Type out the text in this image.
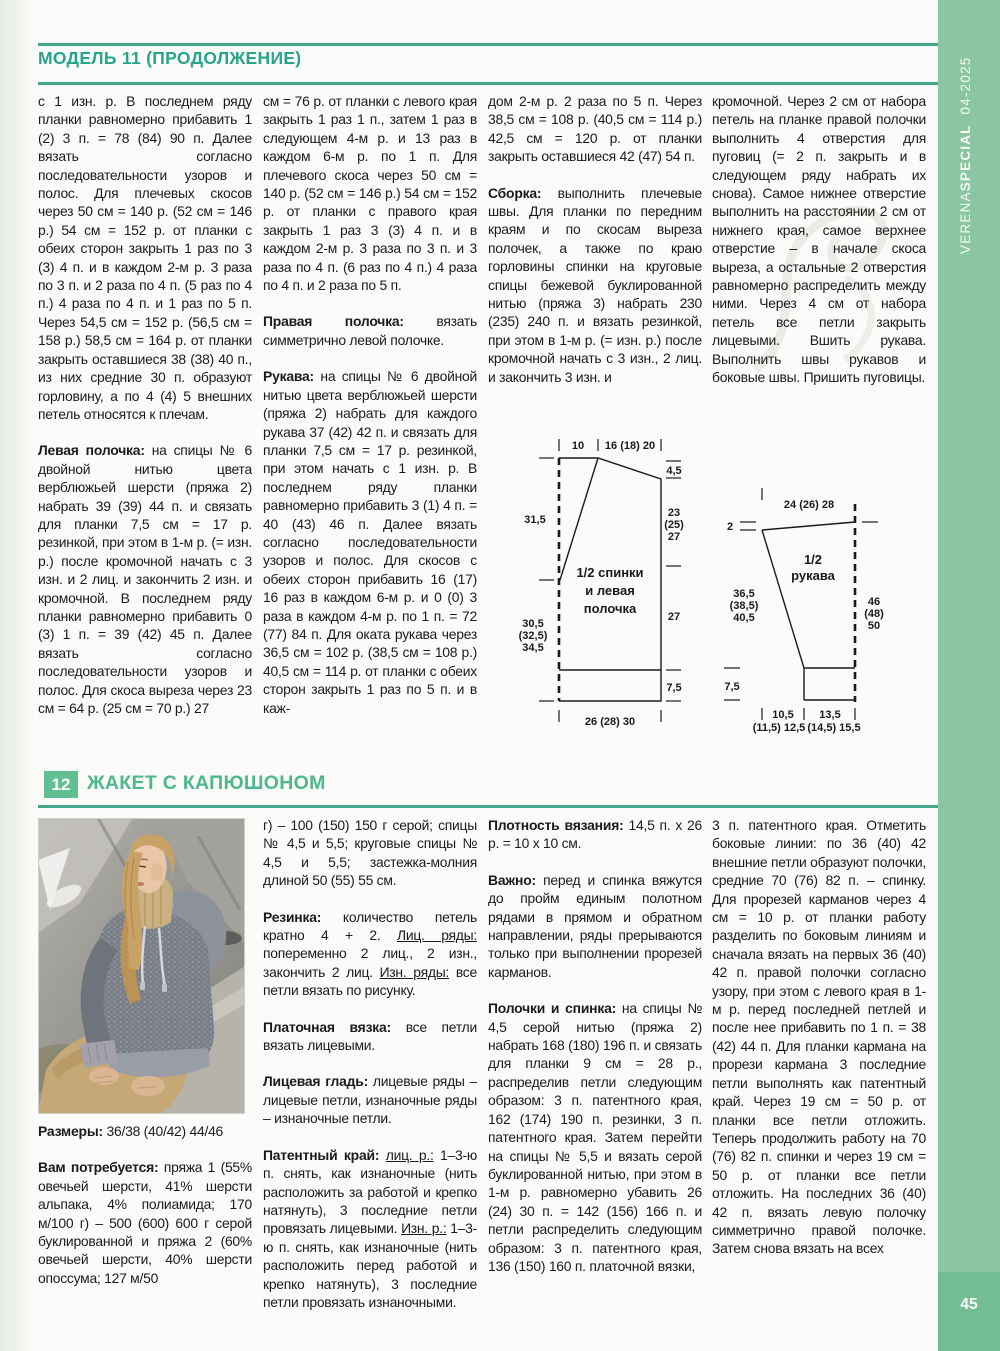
МОДЕЛЬ 11 (ПРОДОЛЖЕНИЕ)

с 1 изн. р. В последнем ряду планки равномерно прибавить 1 (2) 3 п. = 78 (84) 90 п. Далее вязать согласно последовательности узоров и полос. Для плечевых скосов через 50 см = 140 р. (52 см = 146 р.) 54 см = 152 р. от планки с обеих сторон закрыть 1 раз по 3 (3) 4 п. и в каждом 2-м р. 3 раза по 3 п. и 2 раза по 4 п. (5 раз по 4 п.) 4 раза по 4 п. и 1 раз по 5 п. Через 54,5 см = 152 р. (56,5 см = 158 р.) 58,5 см = 164 р. от планки закрыть оставшиеся 38 (38) 40 п., из них средние 30 п. образуют горловину, а по 4 (4) 5 внешних петель относятся к плечам.

Левая полочка: на спицы № 6 двойной нитью цвета верблюжьей шерсти (пряжа 2) набрать 39 (39) 44 п. и связать для планки 7,5 см = 17 р. резинкой, при этом в 1-м р. (= изн. р.) после кромочной начать с 3 изн. и 2 лиц. и закончить 2 изн. и кромочной. В последнем ряду планки равномерно прибавить 0 (3) 1 п. = 39 (42) 45 п. Далее вязать согласно последовательности узоров и полос. Для скоса выреза через 23 см = 64 р. (25 см = 70 р.) 27

см = 76 р. от планки с левого края закрыть 1 раз 1 п., затем 1 раз в следующем 4-м р. и 13 раз в каждом 6-м р. по 1 п. Для плечевого скоса через 50 см = 140 р. (52 см = 146 р.) 54 см = 152 р. от планки с правого края закрыть 1 раз 3 (3) 4 п. и в каждом 2-м р. 3 раза по 3 п. и 3 раза по 4 п. (6 раз по 4 п.) 4 раза по 4 п. и 2 раза по 5 п.

Правая полочка: вязать симметрично левой полочке.

Рукава: на спицы № 6 двойной нитью цвета верблюжьей шерсти (пряжа 2) набрать для каждого рукава 37 (42) 42 п. и связать для планки 7,5 см = 17 р. резинкой, при этом начать с 1 изн. р. В последнем ряду планки равномерно прибавить 3 (1) 4 п. = 40 (43) 46 п. Далее вязать согласно последовательности узоров и полос. Для скосов с обеих сторон прибавить 16 (17) 16 раз в каждом 6-м р. и 0 (0) 3 раза в каждом 4-м р. по 1 п. = 72 (77) 84 п. Для оката рукава через 36,5 см = 102 р. (38,5 см = 108 р.) 40,5 см = 114 р. от планки с обеих сторон закрыть 1 раз по 5 п. и в каж-

дом 2-м р. 2 раза по 5 п. Через 38,5 см = 108 р. (40,5 см = 114 р.) 42,5 см = 120 р. от планки закрыть оставшиеся 42 (47) 54 п.

Сборка: выполнить плечевые швы. Для планки по передним краям и по скосам выреза полочек, а также по краю горловины спинки на круговые спицы бежевой буклированной нитью (пряжа 3) набрать 230 (235) 240 п. и вязать резинкой, при этом в 1-м р. (= изн. р.) после кромочной начать с 3 изн., 2 лиц. и закончить 3 изн. и

кромочной. Через 2 см от набора петель на планке правой полочки выполнить 4 отверстия для пуговиц (= 2 п. закрыть и в следующем ряду набрать их снова). Самое нижнее отверстие выполнить на расстоянии 2 см от нижнего края, самое верхнее отверстие – в начале скоса выреза, а остальные 2 отверстия равномерно распределить между ними. Через 4 см от набора петель все петли закрыть лицевыми. Вшить рукава. Выполнить швы рукавов и боковые швы. Пришить пуговицы.

10 16 (18) 20
4,5
23
(25)
27
27
7,5
31,5
30,5
(32,5)
34,5
26 (28) 30
1/2 спинки
и левая
полочка
24 (26) 28
2
36,5
(38,5)
40,5
7,5
46
(48)
50
10,5
(11,5) 12,5
13,5
(14,5) 15,5
1/2
рукава
12 ЖАКЕТ С КАПЮШОНОМ

Размеры: 36/38 (40/42) 44/46

Вам потребуется: пряжа 1 (55% овечьей шерсти, 41% шерсти альпака, 4% полиамида; 170 м/100 г) – 500 (600) 600 г серой буклированной и пряжа 2 (60% овечьей шерсти, 40% шерсти опоссума; 127 м/50

г) – 100 (150) 150 г серой; спицы № 4,5 и 5,5; круговые спицы № 4,5 и 5,5; застежка-молния длиной 50 (55) 55 см.

Резинка: количество петель кратно 4 + 2. Лиц. ряды: попеременно 2 лиц., 2 изн., закончить 2 лиц. Изн. ряды: все петли вязать по рисунку.

Платочная вязка: все петли вязать лицевыми.

Лицевая гладь: лицевые ряды – лицевые петли, изнаночные ряды – изнаночные петли.

Патентный край: лиц. р.: 1–3-ю п. снять, как изнаночные (нить расположить за работой и крепко натянуть), 3 последние петли провязать лицевыми. Изн. р.: 1–3-ю п. снять, как изнаночные (нить расположить перед работой и крепко натянуть), 3 последние петли провязать изнаночными.

Плотность вязания: 14,5 п. х 26 р. = 10 х 10 см.

Важно: перед и спинка вяжутся до пройм единым полотном рядами в прямом и обратном направлении, ряды прерываются только при выполнении прорезей карманов.

Полочки и спинка: на спицы № 4,5 серой нитью (пряжа 2) набрать 168 (180) 196 п. и связать для планки 9 см = 28 р., распределив петли следующим образом: 3 п. патентного края, 162 (174) 190 п. резинки, 3 п. патентного края. Затем перейти на спицы № 5,5 и вязать серой буклированной нитью, при этом в 1-м р. равномерно убавить 26 (24) 30 п. = 142 (156) 166 п. и петли распределить следующим образом: 3 п. патентного края, 136 (150) 160 п. платочной вязки,

3 п. патентного края. Отметить боковые линии: по 36 (40) 42 внешние петли образуют полочки, средние 70 (76) 82 п. – спинку. Для прорезей карманов через 4 см = 10 р. от планки работу разделить по боковым линиям и сначала вязать на первых 36 (40) 42 п. правой полочки согласно узору, при этом с левого края в 1-м р. перед последней петлей и после нее прибавить по 1 п. = 38 (42) 44 п. Для планки кармана на прорези кармана 3 последние петли выполнять как патентный край. Через 19 см = 50 р. от планки все петли отложить. Теперь продолжить работу на 70 (76) 82 п. спинки и через 19 см = 50 р. от планки все петли отложить. На последних 36 (40) 42 п. вязать левую полочку симметрично правой полочке. Затем снова вязать на всех

VERENASPECIAL  04-2025
45
